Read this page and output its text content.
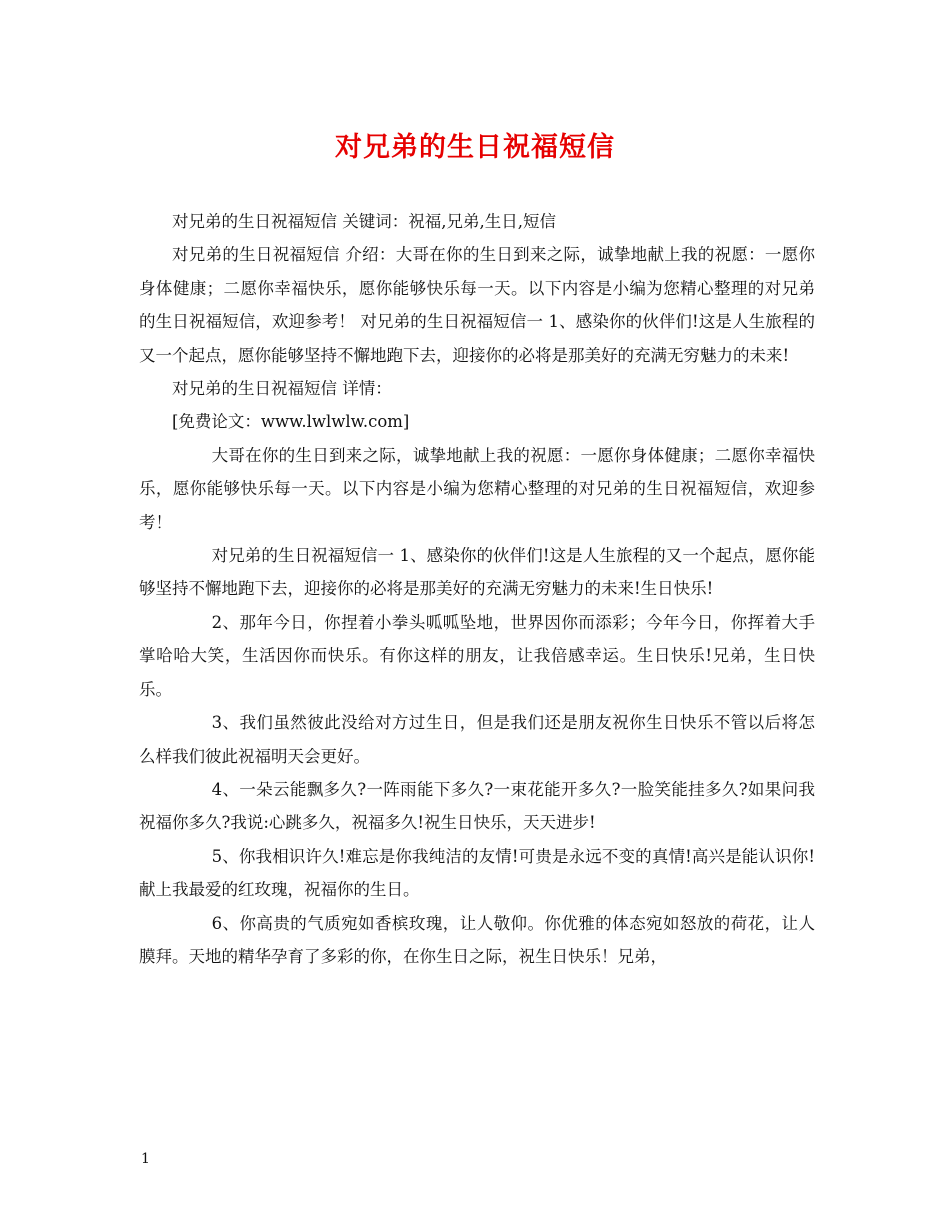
对兄弟的生日祝福短信

对兄弟的生日祝福短信 关键词：祝福,兄弟,生日,短信

对兄弟的生日祝福短信 介绍：大哥在你的生日到来之际，诚挚地献上我的祝愿：一愿你身体健康；二愿你幸福快乐，愿你能够快乐每一天。以下内容是小编为您精心整理的对兄弟的生日祝福短信，欢迎参考！ 对兄弟的生日祝福短信一 1、感染你的伙伴们!这是人生旅程的又一个起点，愿你能够坚持不懈地跑下去，迎接你的必将是那美好的充满无穷魅力的未来!

对兄弟的生日祝福短信 详情：

[免费论文：www.lwlwlw.com]

大哥在你的生日到来之际，诚挚地献上我的祝愿：一愿你身体健康；二愿你幸福快乐，愿你能够快乐每一天。以下内容是小编为您精心整理的对兄弟的生日祝福短信，欢迎参考！

对兄弟的生日祝福短信一 1、感染你的伙伴们!这是人生旅程的又一个起点，愿你能够坚持不懈地跑下去，迎接你的必将是那美好的充满无穷魅力的未来!生日快乐!

2、那年今日，你捏着小拳头呱呱坠地，世界因你而添彩；今年今日，你挥着大手掌哈哈大笑，生活因你而快乐。有你这样的朋友，让我倍感幸运。生日快乐!兄弟，生日快乐。

3、我们虽然彼此没给对方过生日，但是我们还是朋友祝你生日快乐不管以后将怎么样我们彼此祝福明天会更好。

4、一朵云能飘多久?一阵雨能下多久?一束花能开多久?一脸笑能挂多久?如果问我祝福你多久?我说:心跳多久，祝福多久!祝生日快乐，天天进步!

5、你我相识许久!难忘是你我纯洁的友情!可贵是永远不变的真情!高兴是能认识你!献上我最爱的红玫瑰，祝福你的生日。

6、你高贵的气质宛如香槟玫瑰，让人敬仰。你优雅的体态宛如怒放的荷花，让人膜拜。天地的精华孕育了多彩的你，在你生日之际，祝生日快乐！兄弟，

1
